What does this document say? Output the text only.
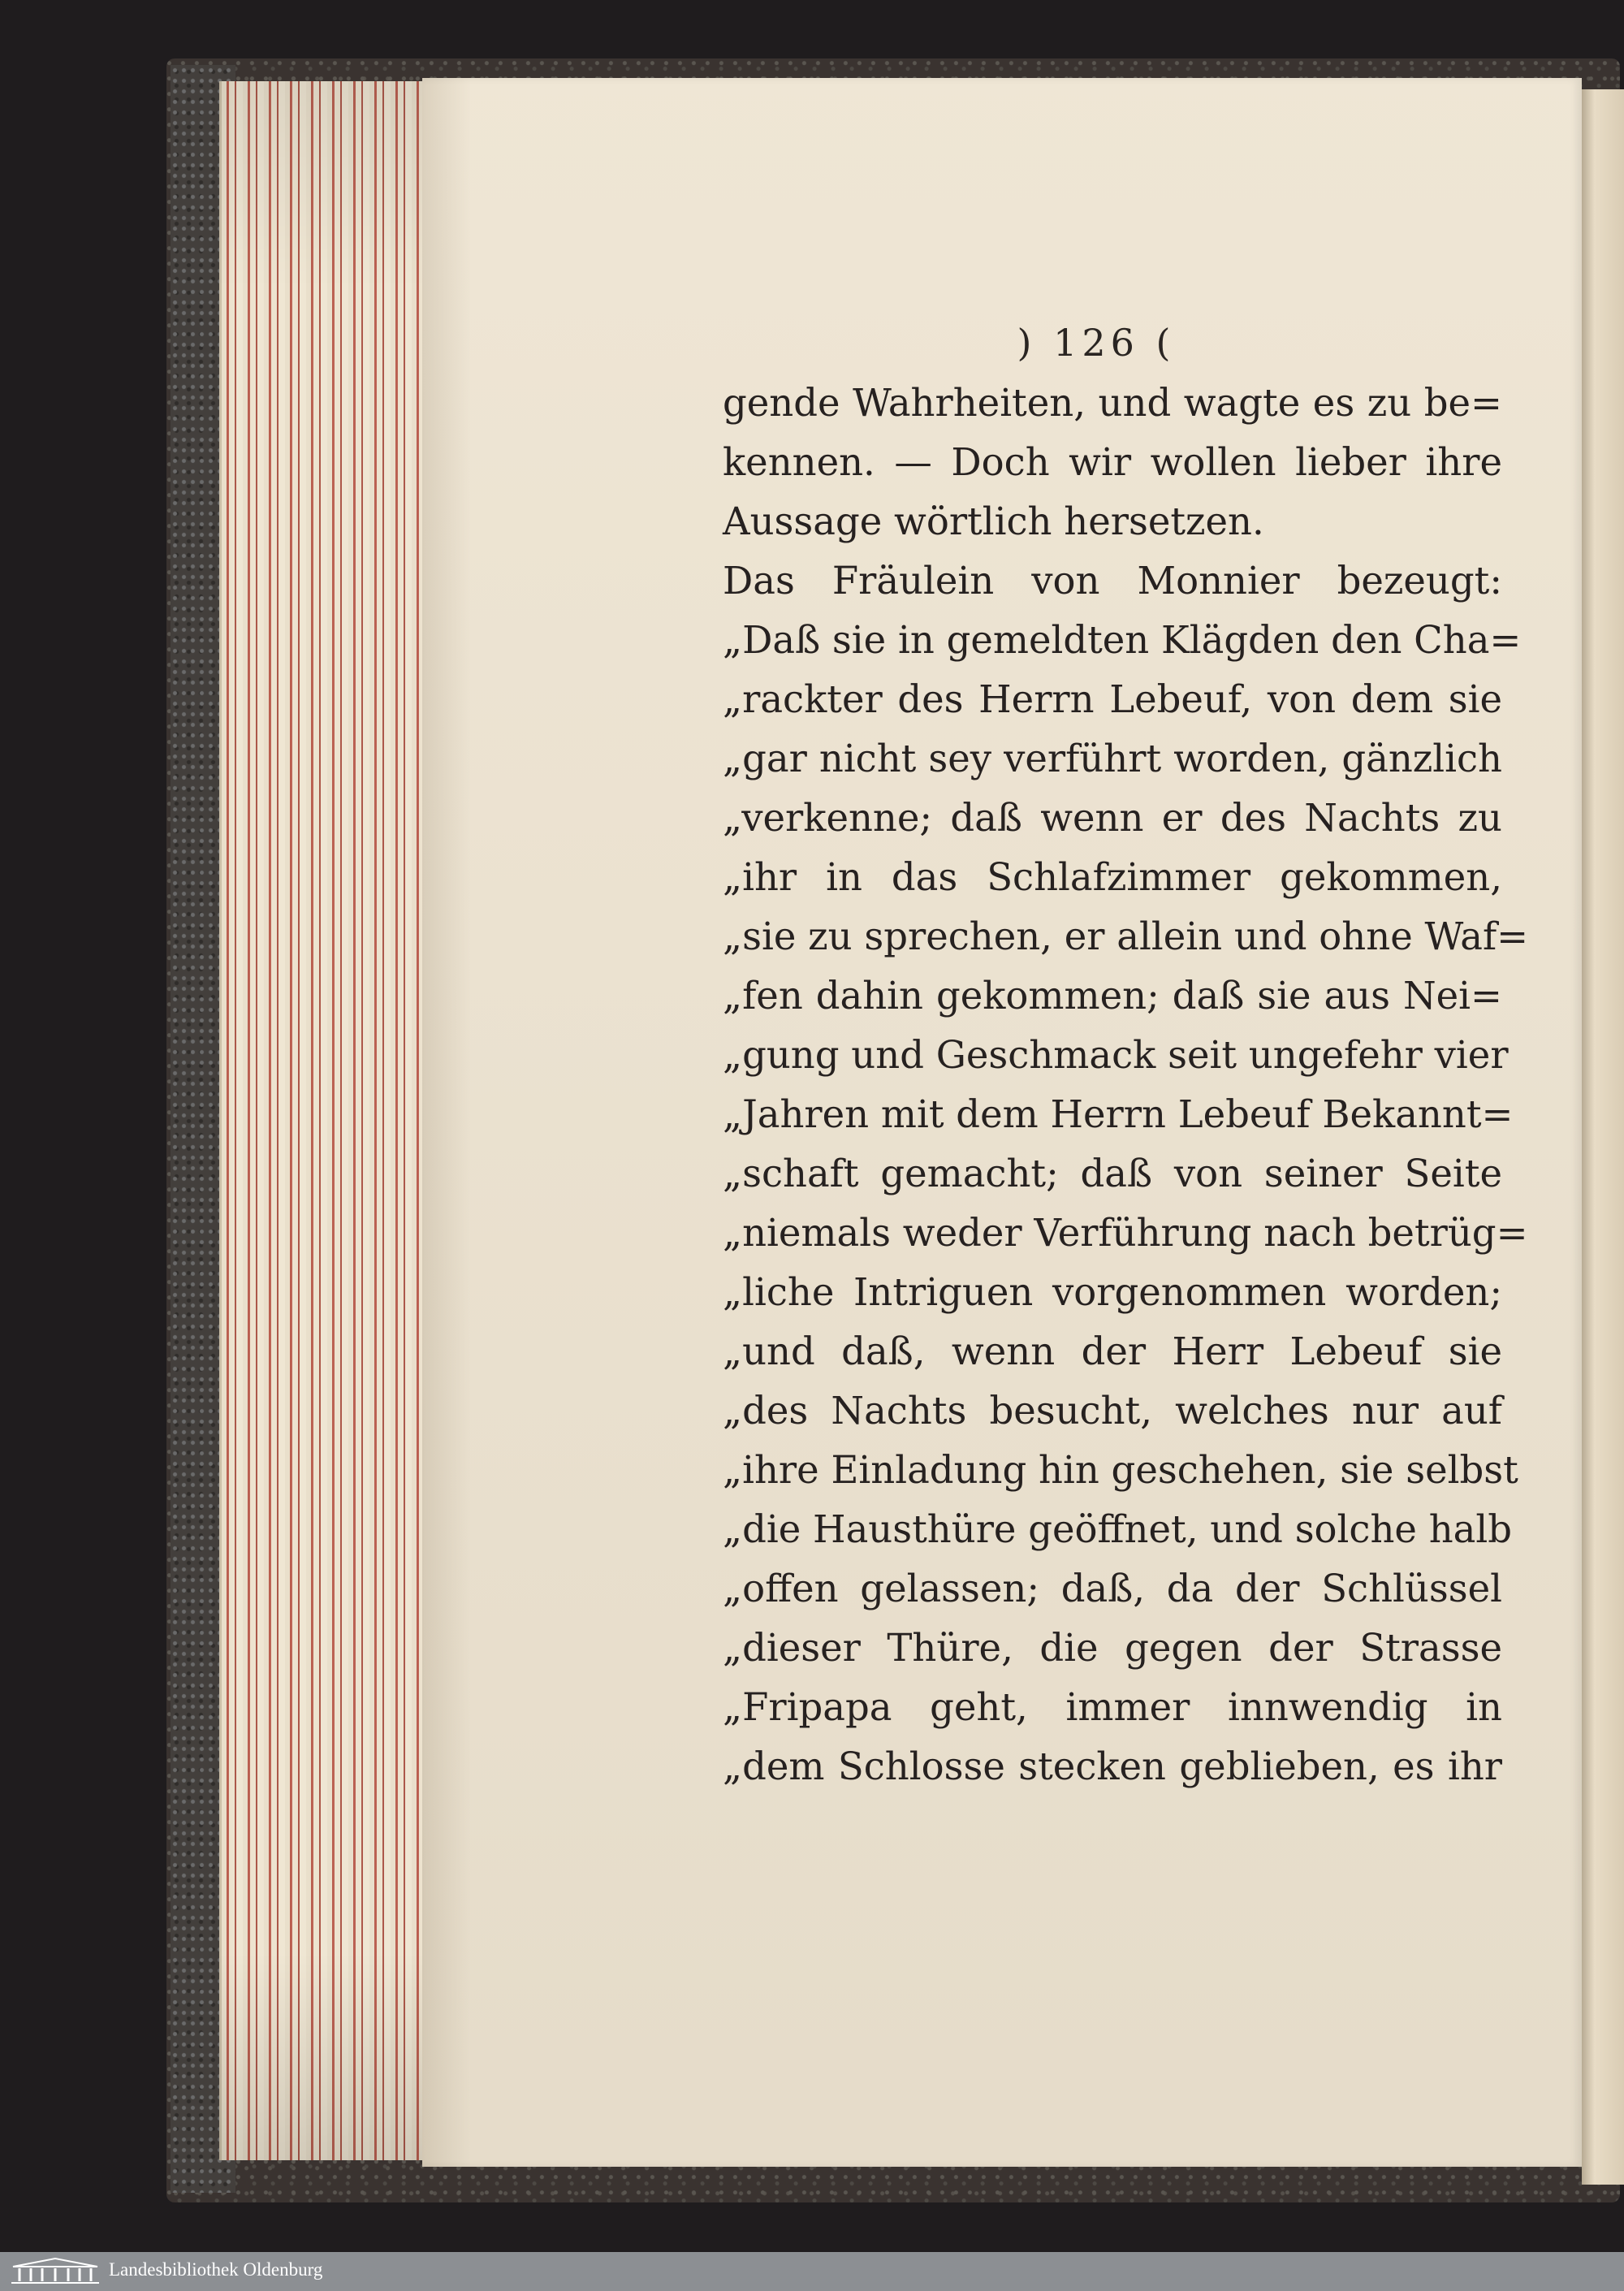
) 126 (
gende Wahrheiten, und wagte es zu be=
kennen. — Doch wir wollen lieber ihre
Aussage wörtlich hersetzen.
Das Fräulein von Monnier bezeugt:
„Daß sie in gemeldten Klägden den Cha=
„rackter des Herrn Lebeuf, von dem sie
„gar nicht sey verführt worden, gänzlich
„verkenne; daß wenn er des Nachts zu
„ihr in das Schlafzimmer gekommen,
„sie zu sprechen, er allein und ohne Waf=
„fen dahin gekommen; daß sie aus Nei=
„gung und Geschmack seit ungefehr vier
„Jahren mit dem Herrn Lebeuf Bekannt=
„schaft gemacht; daß von seiner Seite
„niemals weder Verführung nach betrüg=
„liche Intriguen vorgenommen worden;
„und daß, wenn der Herr Lebeuf sie
„des Nachts besucht, welches nur auf
„ihre Einladung hin geschehen, sie selbst
„die Hausthüre geöffnet, und solche halb
„offen gelassen; daß, da der Schlüssel
„dieser Thüre, die gegen der Strasse
„Fripapa geht, immer innwendig in
„dem Schlosse stecken geblieben, es ihr
Landesbibliothek Oldenburg
